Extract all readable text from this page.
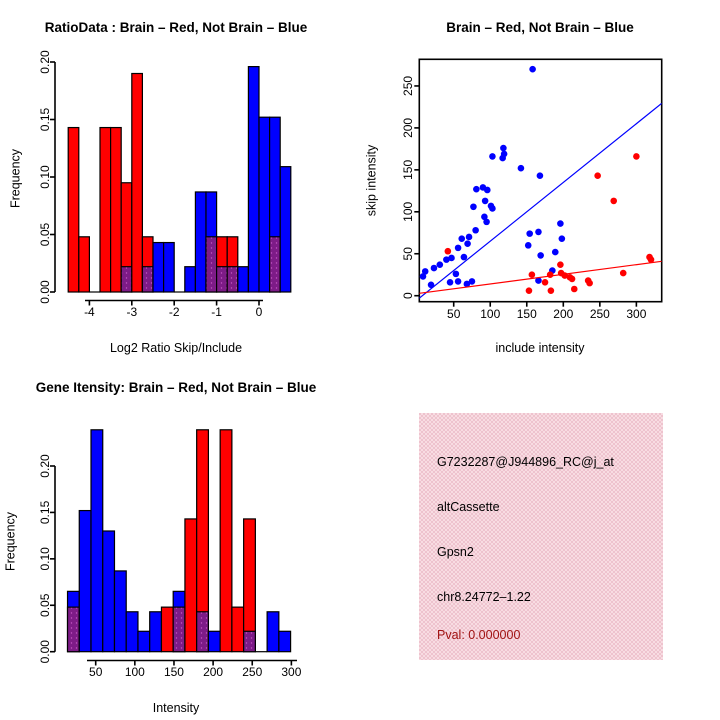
RatioData : Brain – Red, Not Brain – Blue
Frequency
0.00
0.05
0.10
0.15
0.20
-4	-3	-2	-1	0
Log2 Ratio Skip/Include
Brain – Red, Not Brain – Blue
skip intensity
50 100 150 200 250 300
0
50
100
150
200
250
include intensity
Gene Itensity: Brain – Red, Not Brain – Blue
Frequency
0.00
0.05
0.10
0.15
0.20
50 100 150 200 250 300
Intensity
G7232287@J944896_RC@j_at
altCassette
Gpsn2
chr8.24772–1.22
Pval: 0.000000
